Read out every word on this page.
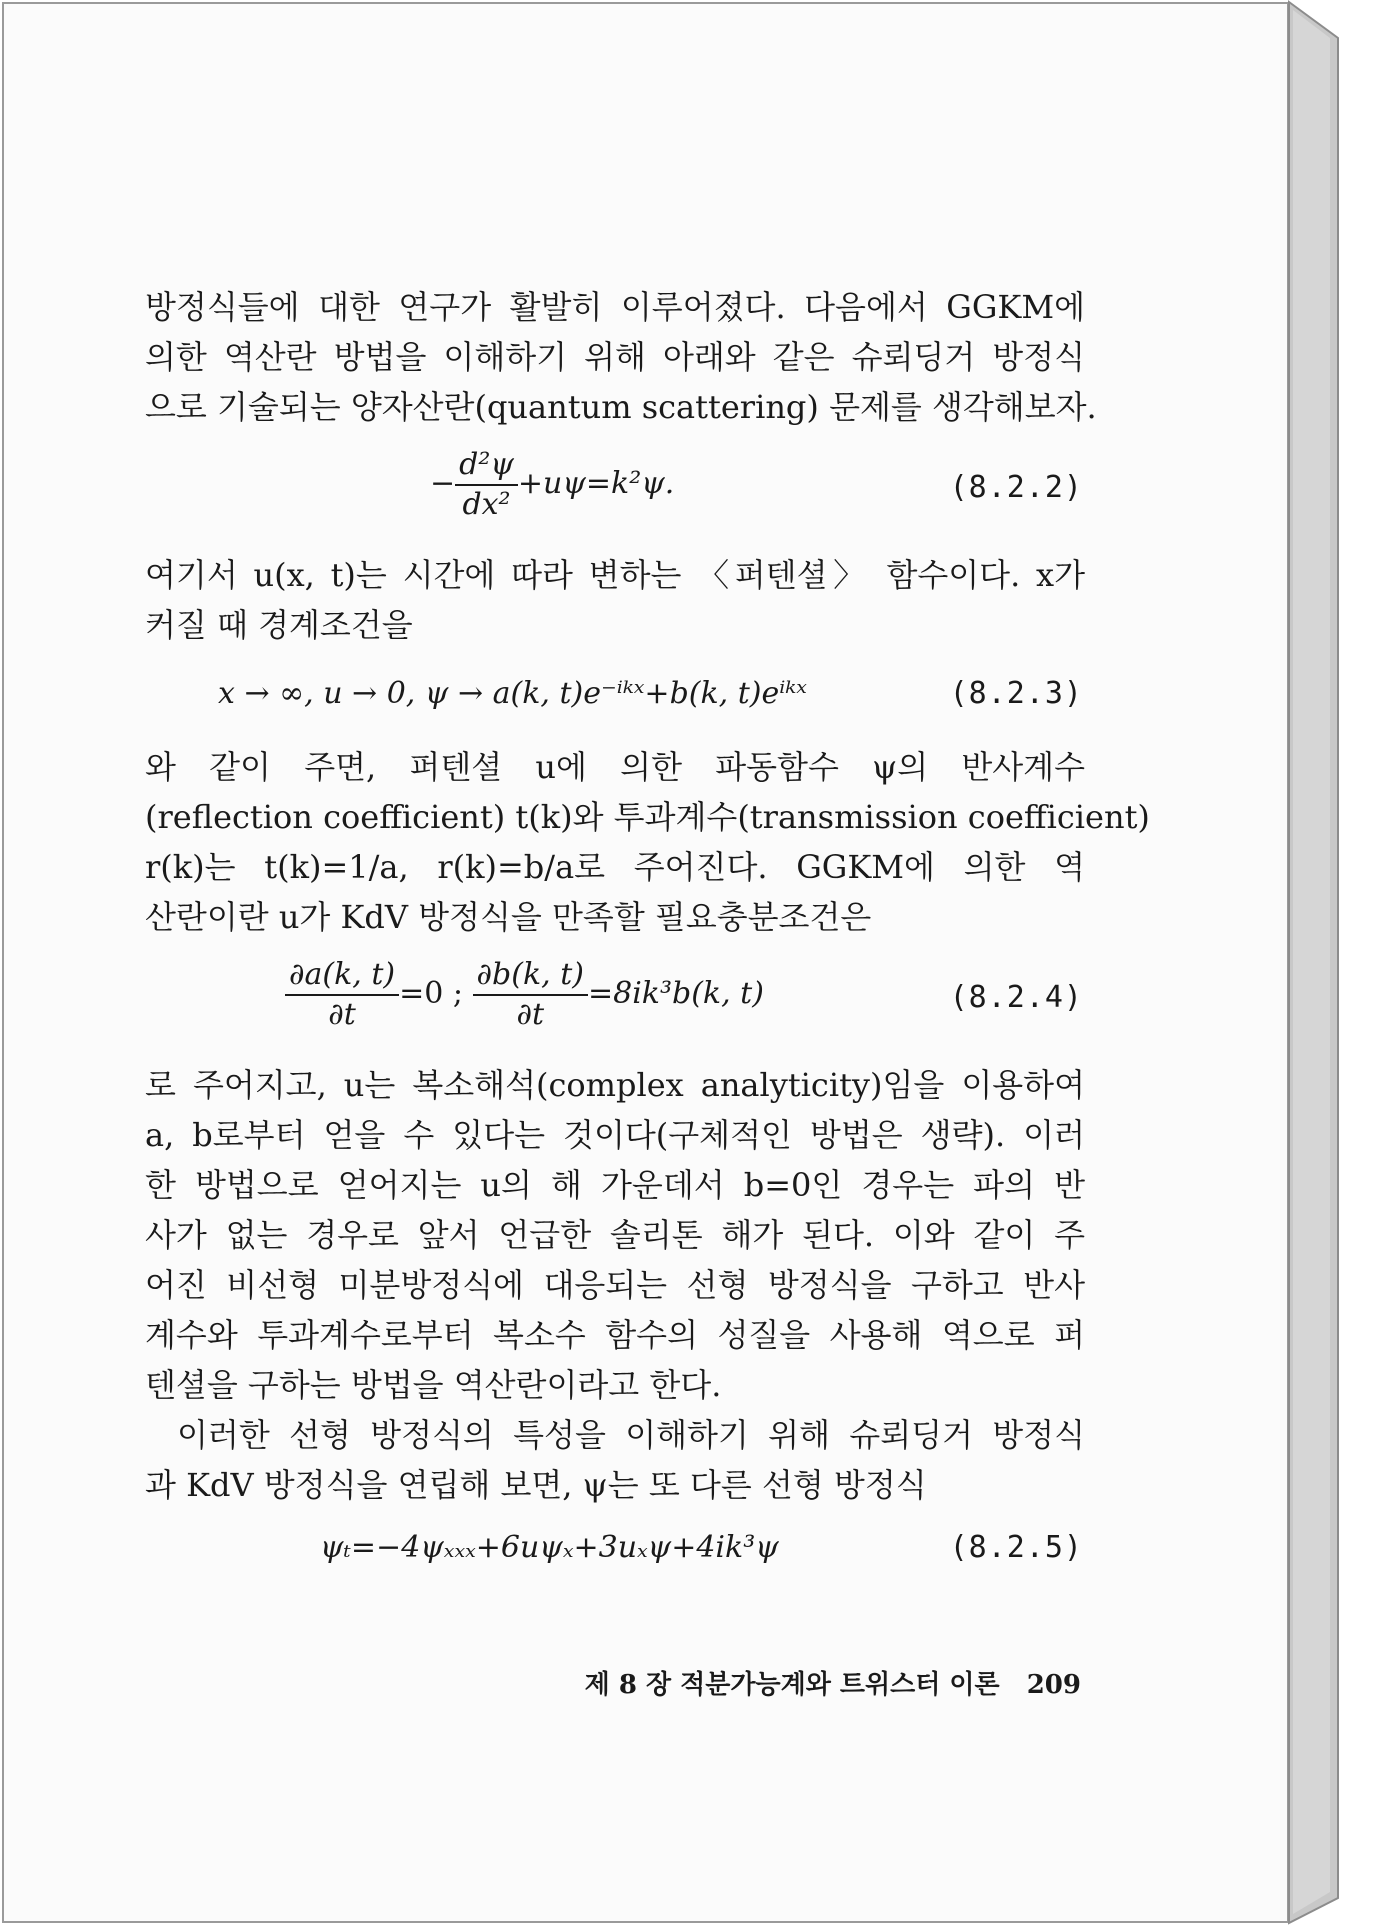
방정식들에 대한 연구가 활발히 이루어졌다. 다음에서 GGKM에
의한 역산란 방법을 이해하기 위해 아래와 같은 슈뢰딩거 방정식
으로 기술되는 양자산란(quantum scattering) 문제를 생각해보자.
− $\frac{\text{d²ψ}}{\text{dx²}} +u\psi=k^2\psi$.	(8.2.2)
여기서 u(x, t)는 시간에 따라 변하는 〈퍼텐셜〉 함수이다. x가
커질 때 경계조건을
x → ∞, u → 0, ψ → a(k, t)e⁻ⁱᵏˣ+b(k, t)eⁱᵏˣ	(8.2.3)
와 같이 주면, 퍼텐셜 u에 의한 파동함수 ψ의 반사계수
(reflection coefficient) t(k)와 투과계수(transmission coefficient)
r(k)는 t(k)=1/a, r(k)=b/a로 주어진다. GGKM에 의한 역
산란이란 u가 KdV 방정식을 만족할 필요충분조건은
$\frac{\partial a(k, t)}{\partial t} =0$ ; $\frac{\partial b(k, t)}{\partial t} =8ik^3b(k$, t)	(8.2.4)
로 주어지고, u는 복소해석(complex analyticity)임을 이용하여
a, b로부터 얻을 수 있다는 것이다(구체적인 방법은 생략). 이러
한 방법으로 얻어지는 u의 해 가운데서 b=0인 경우는 파의 반
사가 없는 경우로 앞서 언급한 솔리톤 해가 된다. 이와 같이 주
어진 비선형 미분방정식에 대응되는 선형 방정식을 구하고 반사
계수와 투과계수로부터 복소수 함수의 성질을 사용해 역으로 퍼
텐셜을 구하는 방법을 역산란이라고 한다.
이러한 선형 방정식의 특성을 이해하기 위해 슈뢰딩거 방정식
과 KdV 방정식을 연립해 보면, ψ는 또 다른 선형 방정식
ψₜ=−4ψₓₓₓ+6uψₓ+3uₓψ+4ik³ψ	(8.2.5)
제 8 장 적분가능계와 트위스터 이론 209
